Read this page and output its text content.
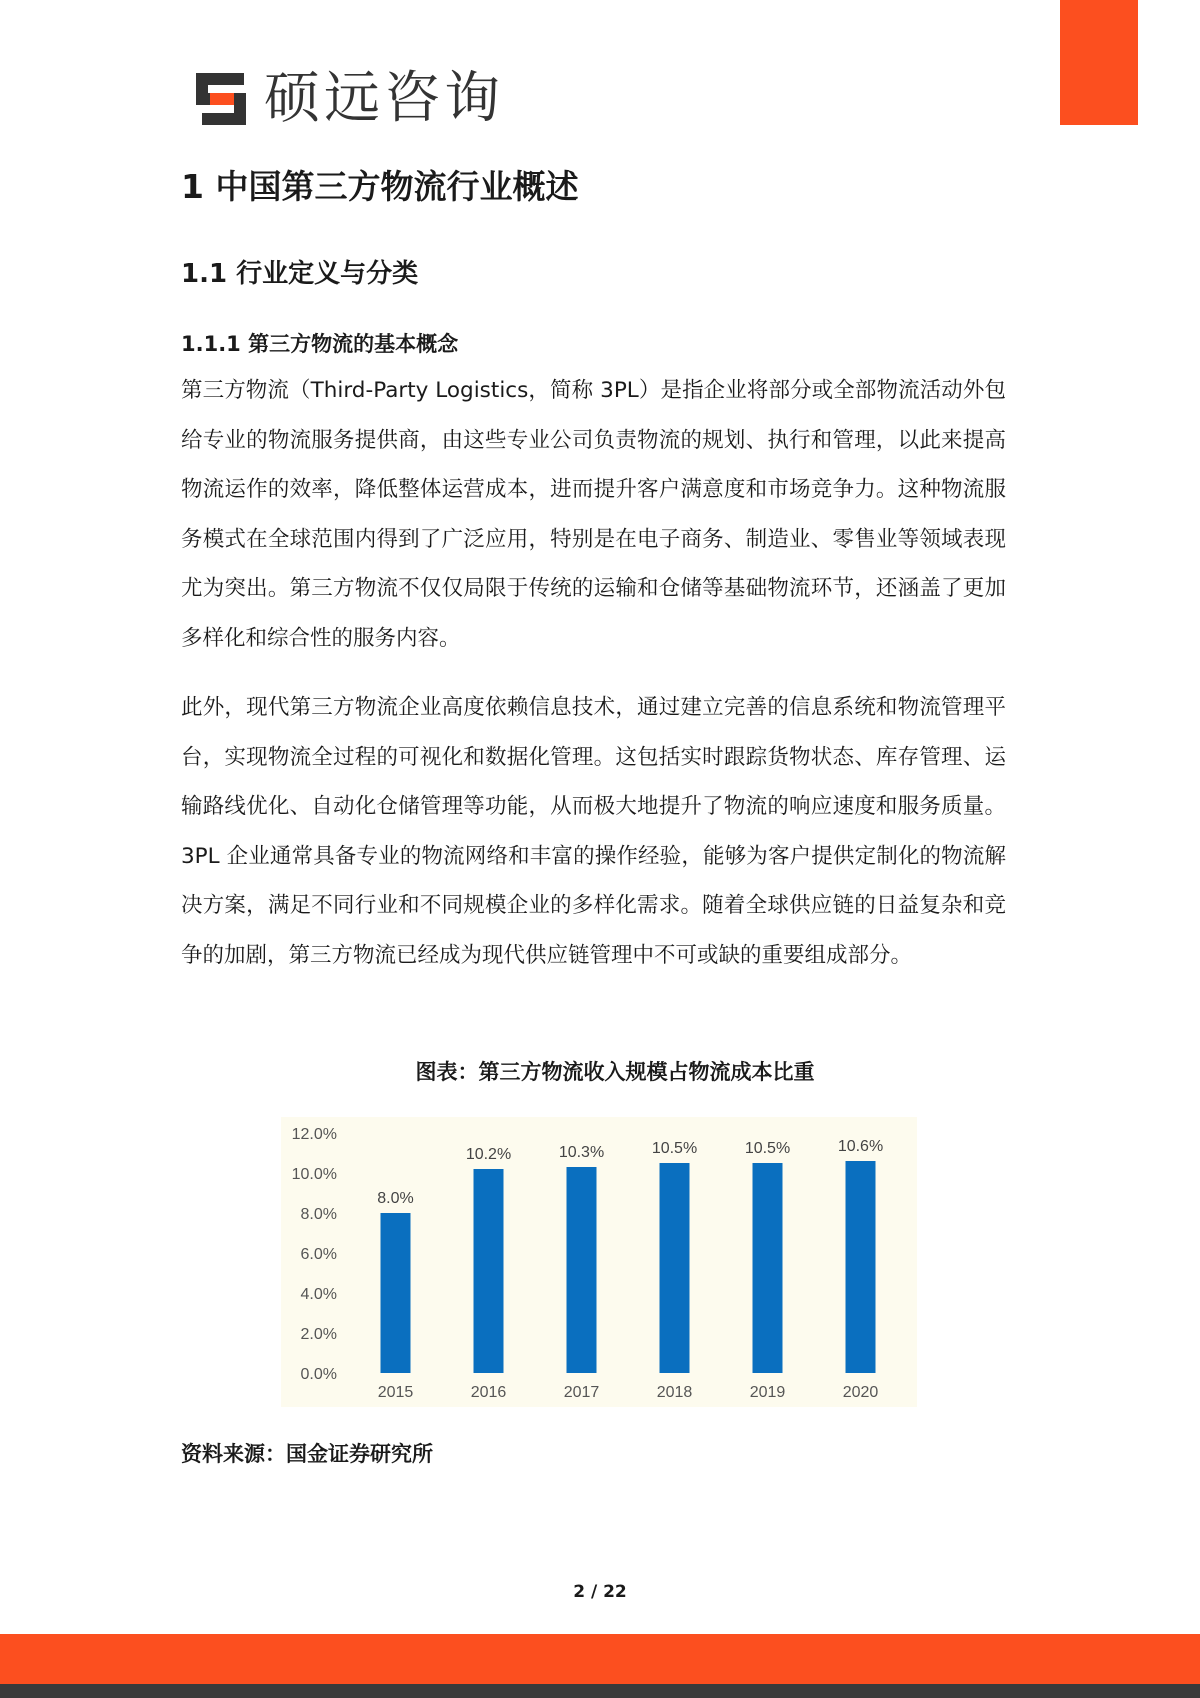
硕远咨询
1 中国第三方物流行业概述
1.1 行业定义与分类
1.1.1 第三方物流的基本概念

第三方物流（Third-Party Logistics，简称 3PL）是指企业将部分或全部物流活动外包给专业的物流服务提供商，由这些专业公司负责物流的规划、执行和管理，以此来提高物流运作的效率，降低整体运营成本，进而提升客户满意度和市场竞争力。这种物流服务模式在全球范围内得到了广泛应用，特别是在电子商务、制造业、零售业等领域表现尤为突出。第三方物流不仅仅局限于传统的运输和仓储等基础物流环节，还涵盖了更加多样化和综合性的服务内容。

此外，现代第三方物流企业高度依赖信息技术，通过建立完善的信息系统和物流管理平台，实现物流全过程的可视化和数据化管理。这包括实时跟踪货物状态、库存管理、运输路线优化、自动化仓储管理等功能，从而极大地提升了物流的响应速度和服务质量。3PL 企业通常具备专业的物流网络和丰富的操作经验，能够为客户提供定制化的物流解决方案，满足不同行业和不同规模企业的多样化需求。随着全球供应链的日益复杂和竞争的加剧，第三方物流已经成为现代供应链管理中不可或缺的重要组成部分。

图表：第三方物流收入规模占物流成本比重
0.0%
2.0%
4.0%
6.0%
8.0%
10.0%
12.0%
8.0%
2015
10.2%
2016
10.3%
2017
10.5%
2018
10.5%
2019
10.6%
2020
资料来源：国金证券研究所
2 / 22
